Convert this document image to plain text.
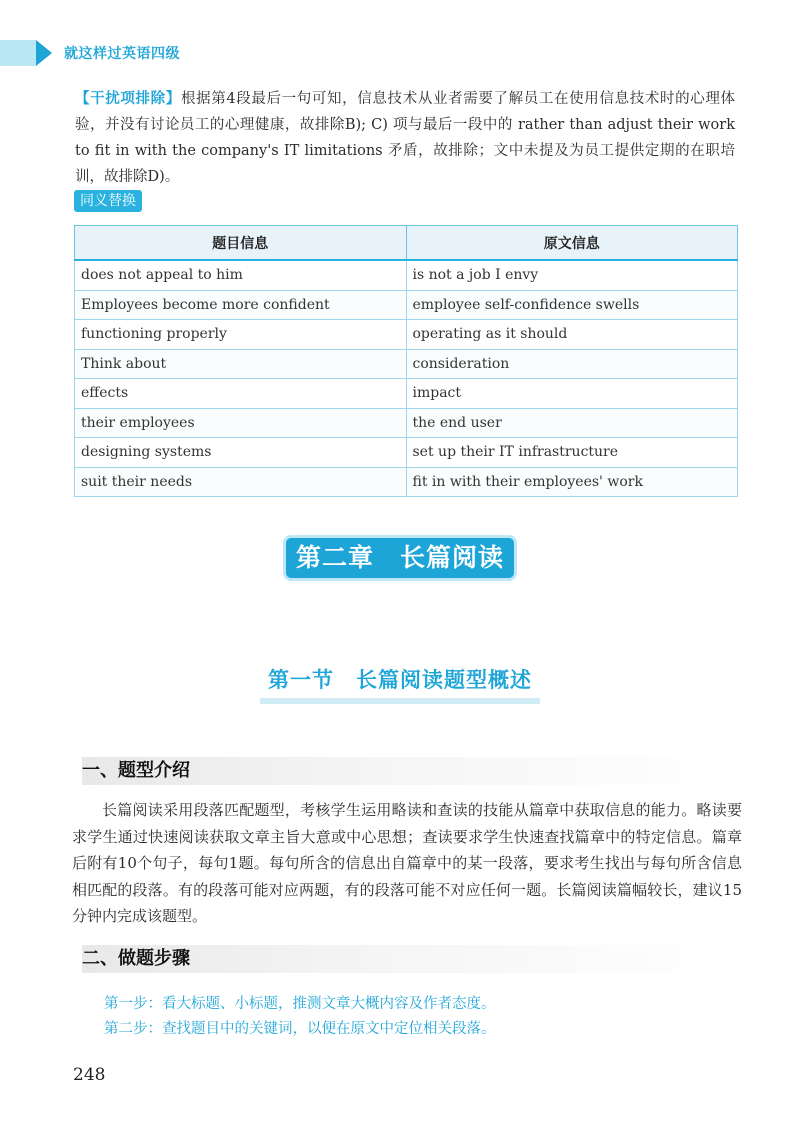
就这样过英语四级
【干扰项排除】根据第4段最后一句可知，信息技术从业者需要了解员工在使用信息技术时的心理体验，并没有讨论员工的心理健康，故排除B); C) 项与最后一段中的 rather than adjust their work to fit in with the company's IT limitations 矛盾，故排除；文中未提及为员工提供定期的在职培训，故排除D)。
同义替换
题目信息	原文信息
does not appeal to him	is not a job I envy
Employees become more confident	employee self-confidence swells
functioning properly	operating as it should
Think about	consideration
effects	impact
their employees	the end user
designing systems	set up their IT infrastructure
suit their needs	fit in with their employees' work
第二章　长篇阅读
第一节　长篇阅读题型概述
一、题型介绍
长篇阅读采用段落匹配题型，考核学生运用略读和查读的技能从篇章中获取信息的能力。略读要求学生通过快速阅读获取文章主旨大意或中心思想；查读要求学生快速查找篇章中的特定信息。篇章后附有10个句子，每句1题。每句所含的信息出自篇章中的某一段落，要求考生找出与每句所含信息相匹配的段落。有的段落可能对应两题，有的段落可能不对应任何一题。长篇阅读篇幅较长，建议15分钟内完成该题型。
二、做题步骤
第一步：看大标题、小标题，推测文章大概内容及作者态度。
第二步：查找题目中的关键词，以便在原文中定位相关段落。
248
